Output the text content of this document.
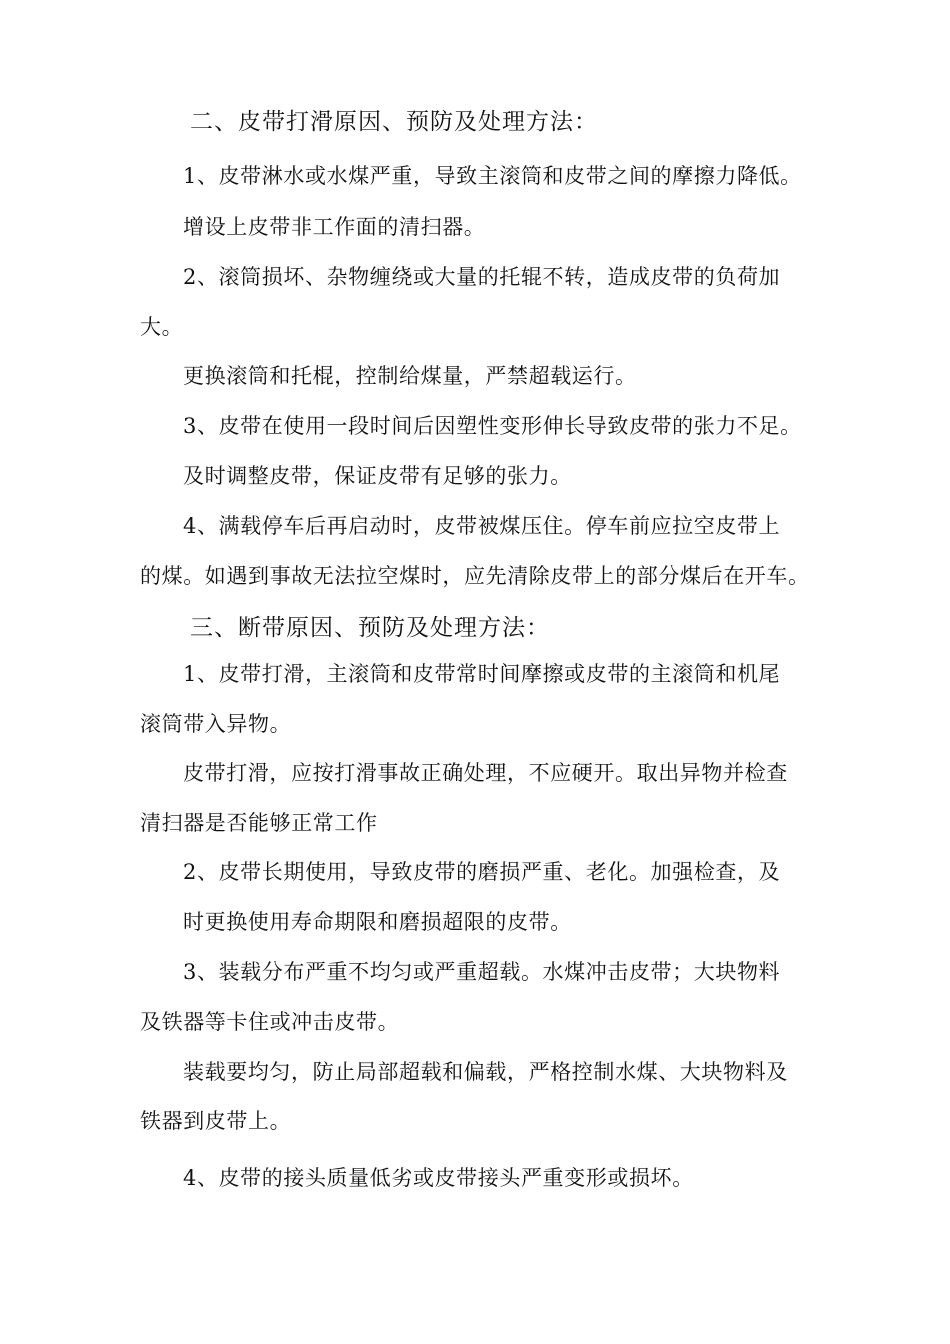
二、皮带打滑原因、预防及处理方法：
1、皮带淋水或水煤严重，导致主滚筒和皮带之间的摩擦力降低。
增设上皮带非工作面的清扫器。
2、滚筒损坏、杂物缠绕或大量的托辊不转，造成皮带的负荷加
大。
更换滚筒和托棍，控制给煤量，严禁超载运行。
3、皮带在使用一段时间后因塑性变形伸长导致皮带的张力不足。
及时调整皮带，保证皮带有足够的张力。
4、满载停车后再启动时，皮带被煤压住。停车前应拉空皮带上
的煤。如遇到事故无法拉空煤时，应先清除皮带上的部分煤后在开车。
三、断带原因、预防及处理方法：
1、皮带打滑，主滚筒和皮带常时间摩擦或皮带的主滚筒和机尾
滚筒带入异物。
皮带打滑，应按打滑事故正确处理，不应硬开。取出异物并检查
清扫器是否能够正常工作
2、皮带长期使用，导致皮带的磨损严重、老化。加强检查，及
时更换使用寿命期限和磨损超限的皮带。
3、装载分布严重不均匀或严重超载。水煤冲击皮带；大块物料
及铁器等卡住或冲击皮带。
装载要均匀，防止局部超载和偏载，严格控制水煤、大块物料及
铁器到皮带上。
4、皮带的接头质量低劣或皮带接头严重变形或损坏。
